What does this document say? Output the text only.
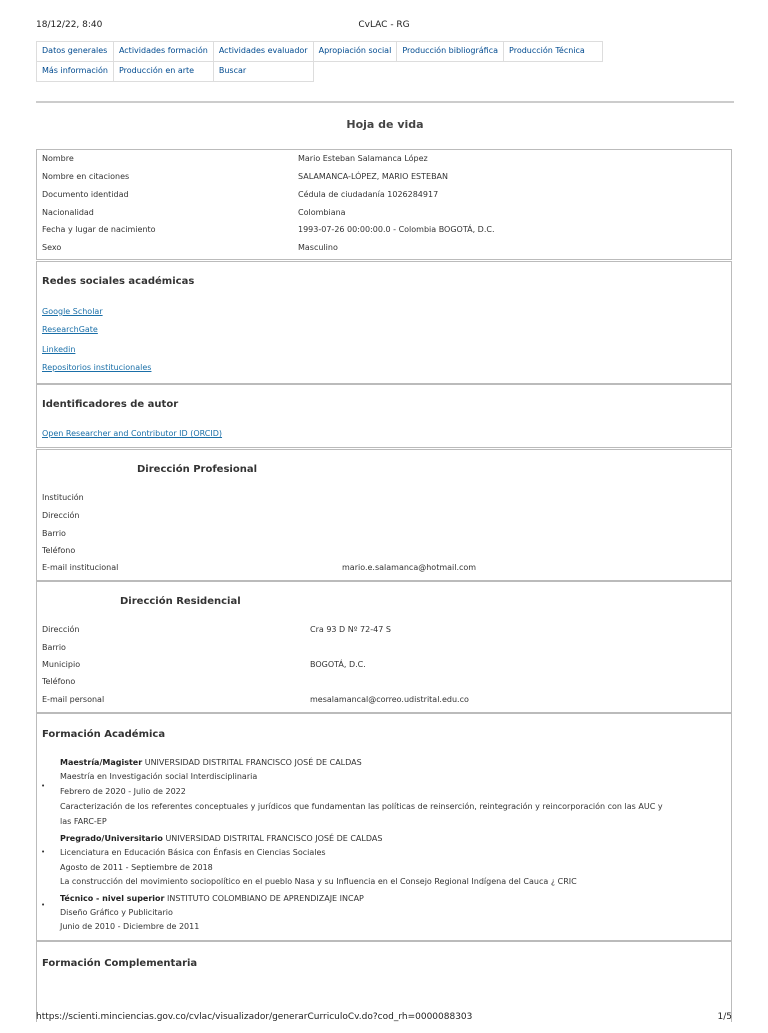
18/12/22, 8:40	CvLAC - RG
Datos generales	Actividades formación	Actividades evaluador	Apropiación social	Producción bibliográfica	Producción Técnica
Más información	Producción en arte	Buscar			
Hoja de vida
Nombre	Mario Esteban Salamanca López
Nombre en citaciones	SALAMANCA-LÓPEZ, MARIO ESTEBAN
Documento identidad	Cédula de ciudadanía 1026284917
Nacionalidad	Colombiana
Fecha y lugar de nacimiento	1993-07-26 00:00:00.0 - Colombia BOGOTÁ, D.C.
Sexo	Masculino
Redes sociales académicas
Google Scholar
ResearchGate
Linkedin
Repositorios institucionales
Identificadores de autor
Open Researcher and Contributor ID (ORCID)
Dirección Profesional
Institución
Dirección
Barrio
Teléfono
E-mail institucional	mario.e.salamanca@hotmail.com
Dirección Residencial
Dirección	Cra 93 D Nº 72-47 S
Barrio
Municipio	BOGOTÁ, D.C.
Teléfono
E-mail personal	mesalamancal@correo.udistrital.edu.co
Formación Académica
•
Maestría/Magister UNIVERSIDAD DISTRITAL FRANCISCO JOSÉ DE CALDAS
Maestría en Investigación social Interdisciplinaria
Febrero de 2020 - Julio de 2022
Caracterización de los referentes conceptuales y jurídicos que fundamentan las políticas de reinserción, reintegración y reincorporación con las AUC y
las FARC-EP
•
Pregrado/Universitario UNIVERSIDAD DISTRITAL FRANCISCO JOSÉ DE CALDAS
Licenciatura en Educación Básica con Énfasis en Ciencias Sociales
Agosto de 2011 - Septiembre de 2018
La construcción del movimiento sociopolítico en el pueblo Nasa y su Influencia en el Consejo Regional Indígena del Cauca ¿ CRIC
•
Técnico - nivel superior INSTITUTO COLOMBIANO DE APRENDIZAJE INCAP
Diseño Gráfico y Publicitario
Junio de 2010 - Diciembre de 2011
Formación Complementaria
https://scienti.minciencias.gov.co/cvlac/visualizador/generarCurriculoCv.do?cod_rh=0000088303	1/5
